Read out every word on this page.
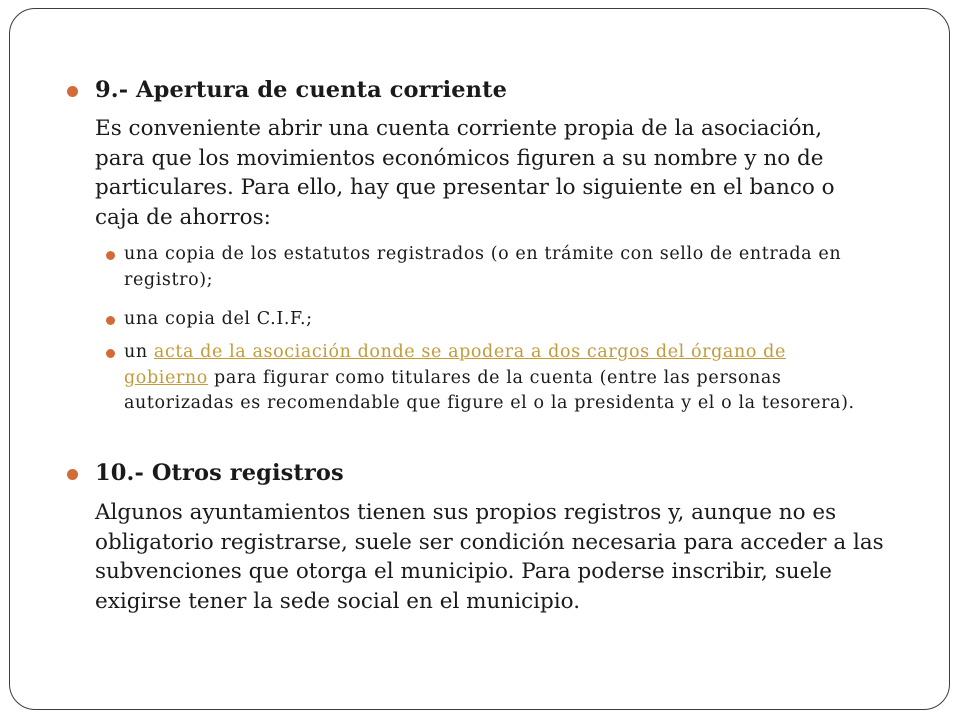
9.- Apertura de cuenta corriente

Es conveniente abrir una cuenta corriente propia de la asociación, para que los movimientos económicos figuren a su nombre y no de particulares. Para ello, hay que presentar lo siguiente en el banco o caja de ahorros:

una copia de los estatutos registrados (o en trámite con sello de entrada en registro);

una copia del C.I.F.;

un acta de la asociación donde se apodera a dos cargos del órgano de gobierno para figurar como titulares de la cuenta (entre las personas autorizadas es recomendable que figure el o la presidenta y el o la tesorera).

10.- Otros registros

Algunos ayuntamientos tienen sus propios registros y, aunque no es obligatorio registrarse, suele ser condición necesaria para acceder a las subvenciones que otorga el municipio. Para poderse inscribir, suele exigirse tener la sede social en el municipio.
